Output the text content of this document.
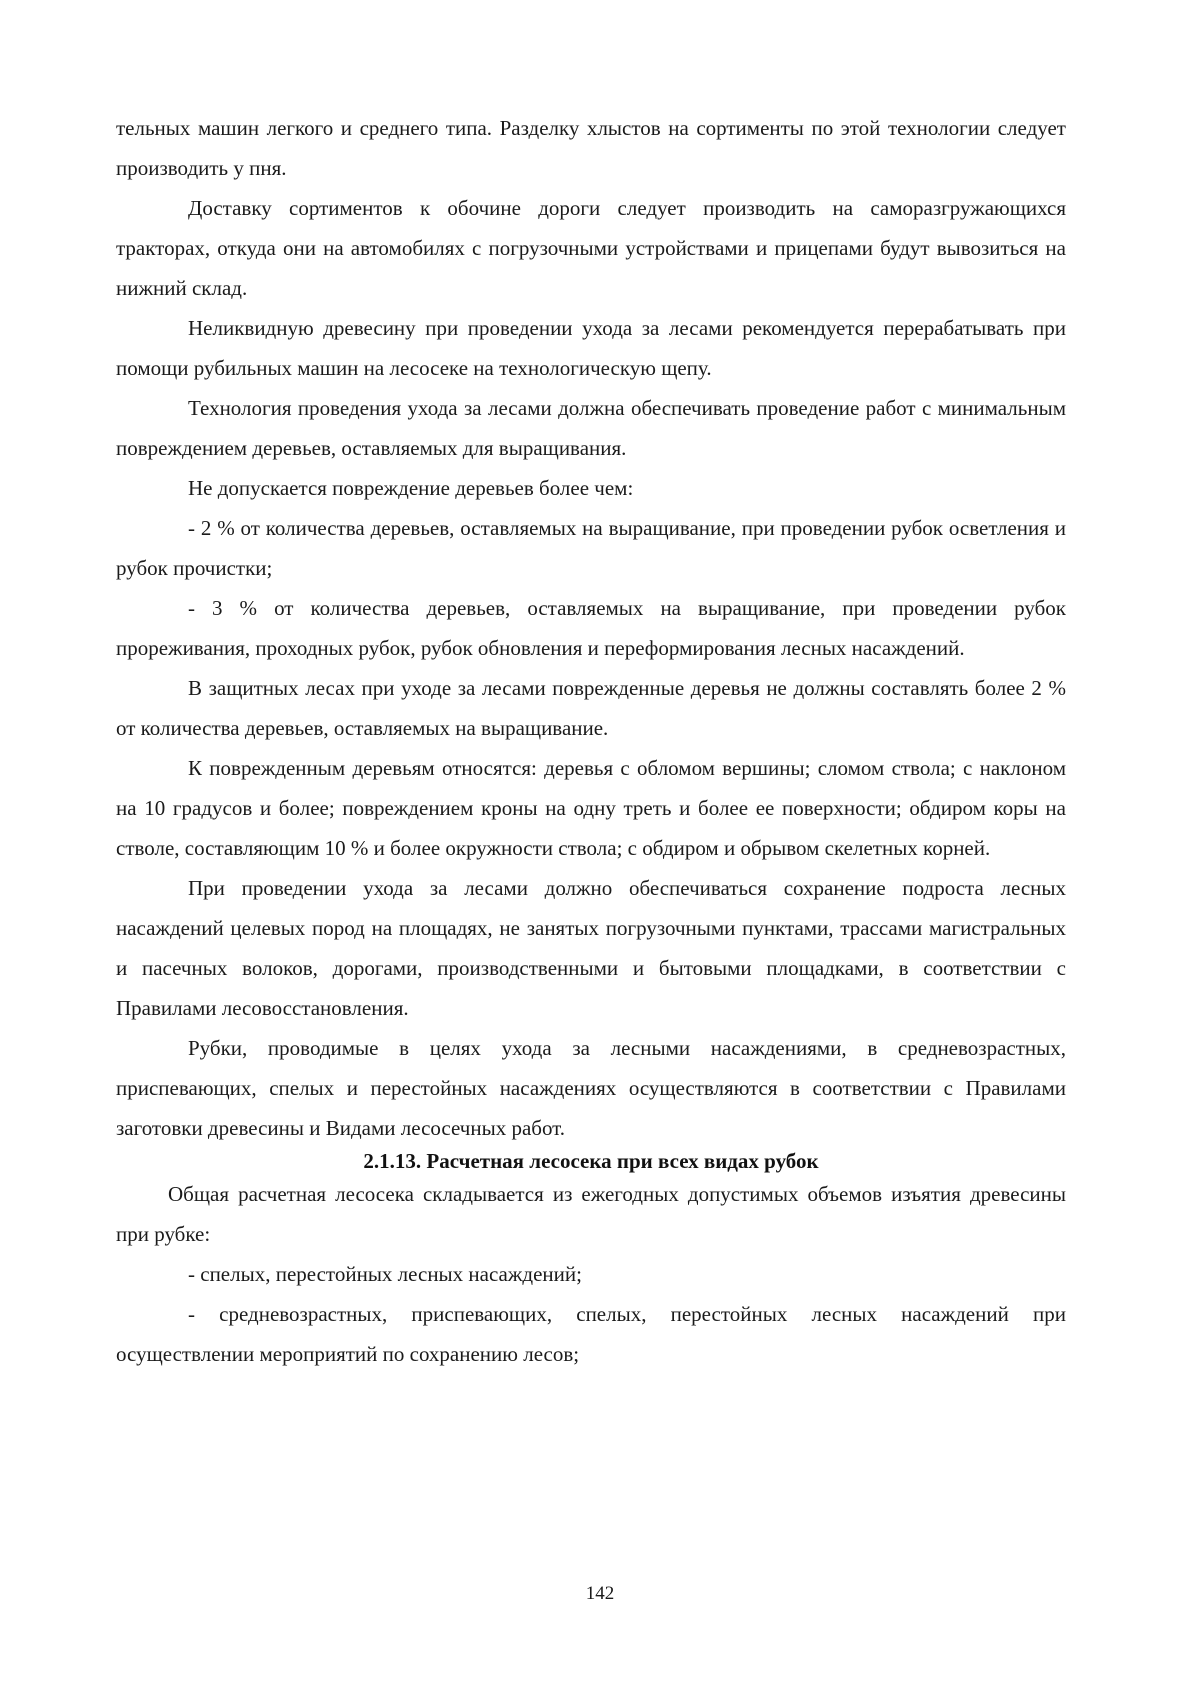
тельных машин легкого и среднего типа. Разделку хлыстов на сортименты по этой технологии следует производить у пня.

Доставку сортиментов к обочине дороги следует производить на саморазгружающихся тракторах, откуда они на автомобилях с погрузочными устройствами и прицепами будут вывозиться на нижний склад.

Неликвидную древесину при проведении ухода за лесами рекомендуется перерабатывать при помощи рубильных машин на лесосеке на технологическую щепу.

Технология проведения ухода за лесами должна обеспечивать проведение работ с минимальным повреждением деревьев, оставляемых для выращивания.

Не допускается повреждение деревьев более чем:

- 2 % от количества деревьев, оставляемых на выращивание, при проведении рубок осветления и рубок прочистки;

- 3 % от количества деревьев, оставляемых на выращивание, при проведении рубок прореживания, проходных рубок, рубок обновления и переформирования лесных насаждений.

В защитных лесах при уходе за лесами поврежденные деревья не должны составлять более 2 % от количества деревьев, оставляемых на выращивание.

К поврежденным деревьям относятся: деревья с обломом вершины; сломом ствола; с наклоном на 10 градусов и более; повреждением кроны на одну треть и более ее поверхности; обдиром коры на стволе, составляющим 10 % и более окружности ствола; с обдиром и обрывом скелетных корней.

При проведении ухода за лесами должно обеспечиваться сохранение подроста лесных насаждений целевых пород на площадях, не занятых погрузочными пунктами, трассами магистральных и пасечных волоков, дорогами, производственными и бытовыми площадками, в соответствии с Правилами лесовосстановления.

Рубки, проводимые в целях ухода за лесными насаждениями, в средневозрастных, приспевающих, спелых и перестойных насаждениях осуществляются в соответствии с Правилами заготовки древесины и Видами лесосечных работ.

2.1.13. Расчетная лесосека при всех видах рубок

Общая расчетная лесосека складывается из ежегодных допустимых объемов изъятия древесины при рубке:

- спелых, перестойных лесных насаждений;

- средневозрастных, приспевающих, спелых, перестойных лесных насаждений при осуществлении мероприятий по сохранению лесов;

142
